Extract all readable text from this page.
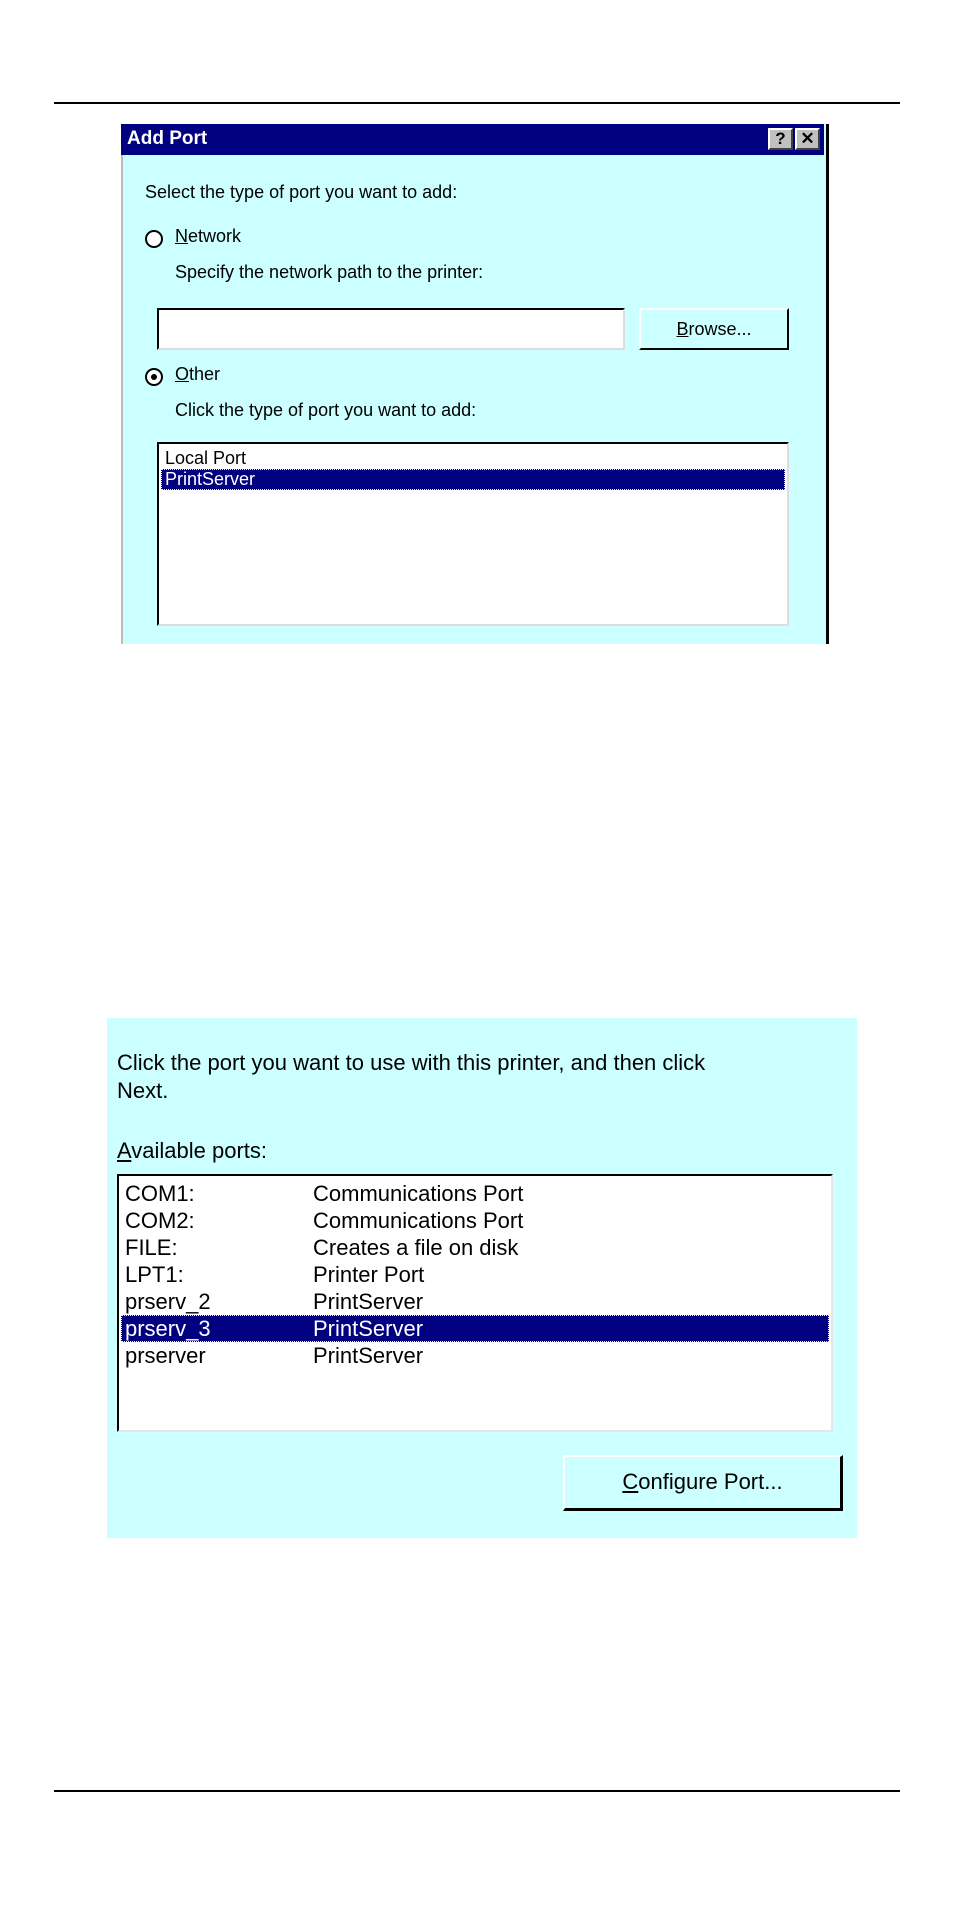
Add Port	? ✕
Select the type of port you want to add:
Network
Specify the network path to the printer:
Browse...
Other
Click the type of port you want to add:
Local Port
PrintServer
Click the port you want to use with this printer, and then click
Next.
Available ports:
COM1:	Communications Port
COM2:	Communications Port
FILE:	Creates a file on disk
LPT1:	Printer Port
prserv_2	PrintServer
prserv_3	PrintServer
prserver	PrintServer
Configure Port...
